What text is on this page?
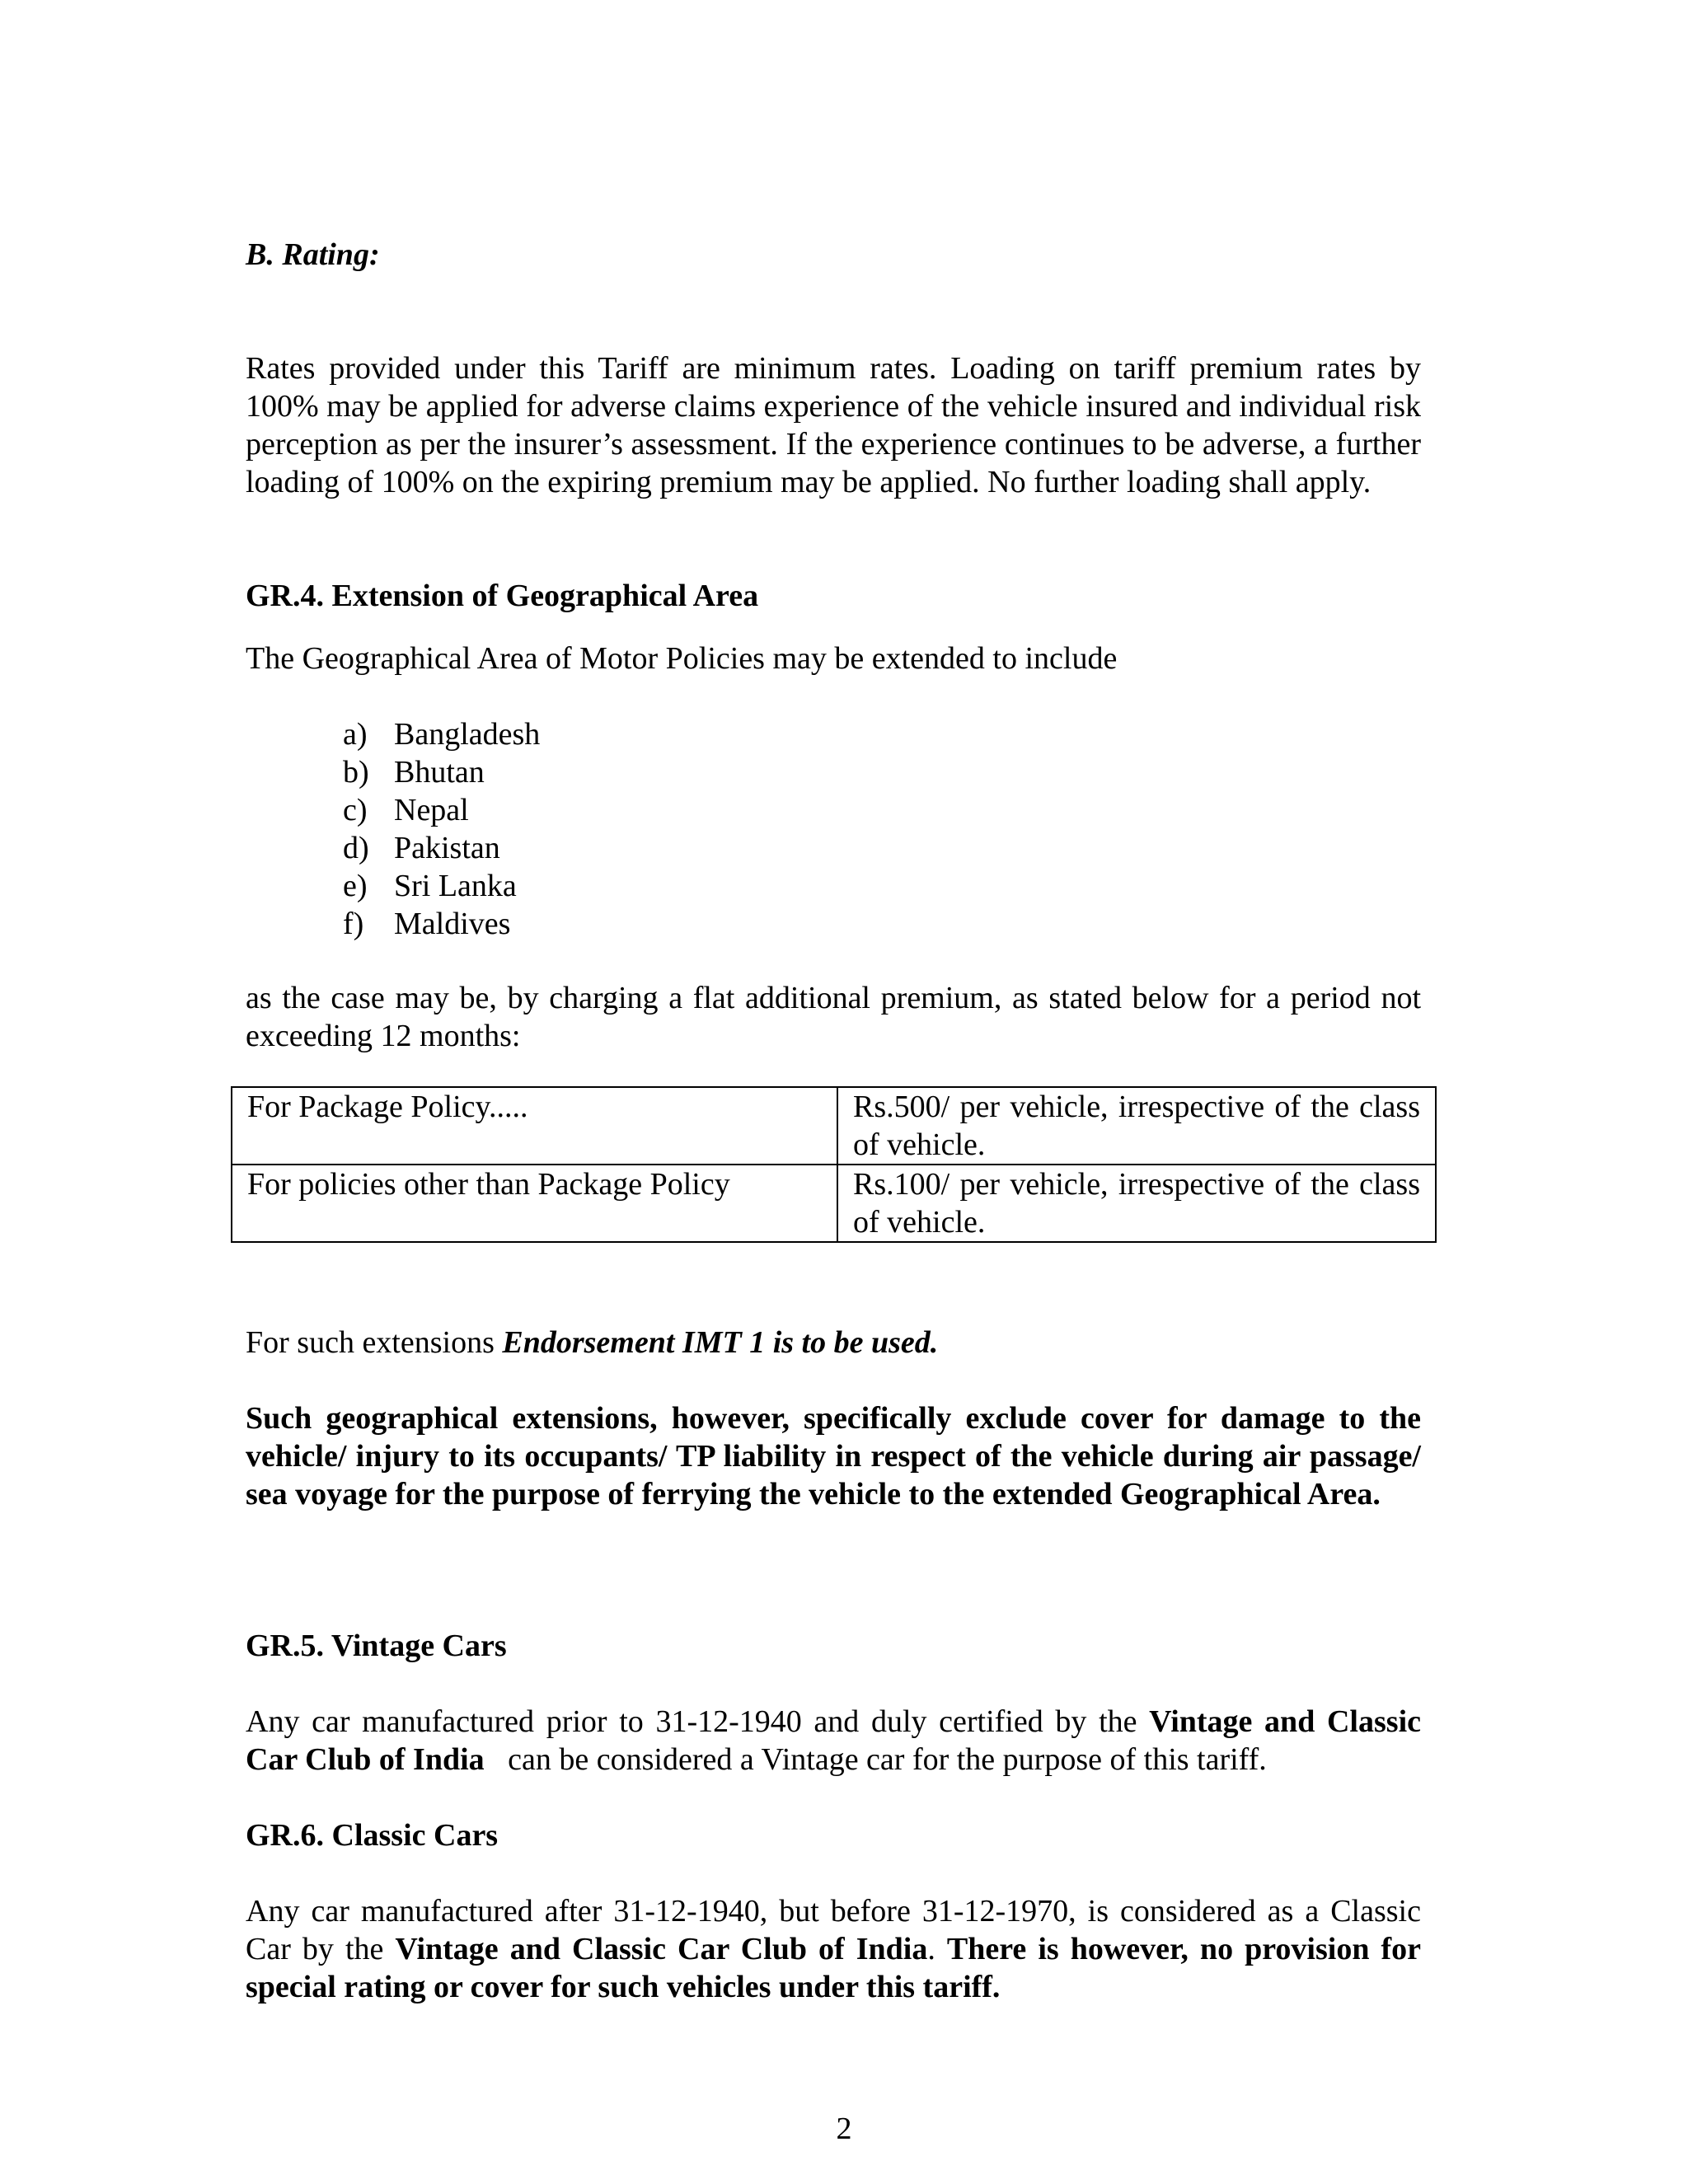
B. Rating:
Rates provided under this Tariff are minimum rates. Loading on tariff premium rates by 100% may be applied for adverse claims experience of the vehicle insured and individual risk perception as per the insurer’s assessment. If the experience continues to be adverse, a further loading of 100% on the expiring premium may be applied. No further loading shall apply.
GR.4. Extension of Geographical Area
The Geographical Area of Motor Policies may be extended to include
a) Bangladesh
b) Bhutan
c) Nepal
d) Pakistan
e) Sri Lanka
f) Maldives
as the case may be, by charging a flat additional premium, as stated below for a period not exceeding 12 months:
For Package Policy.....	Rs.500/ per vehicle, irrespective of the class of vehicle.
For policies other than Package Policy	Rs.100/ per vehicle, irrespective of the class of vehicle.
For such extensions Endorsement IMT 1 is to be used.
Such geographical extensions, however, specifically exclude cover for damage to the vehicle/ injury to its occupants/ TP liability in respect of the vehicle during air passage/ sea voyage for the purpose of ferrying the vehicle to the extended Geographical Area.
GR.5. Vintage Cars
Any car manufactured prior to 31-12-1940 and duly certified by the Vintage and Classic Car Club of India   can be considered a Vintage car for the purpose of this tariff.
GR.6. Classic Cars
Any car manufactured after 31-12-1940, but before 31-12-1970, is considered as a Classic Car by the Vintage and Classic Car Club of India. There is however, no provision for special rating or cover for such vehicles under this tariff.
2
